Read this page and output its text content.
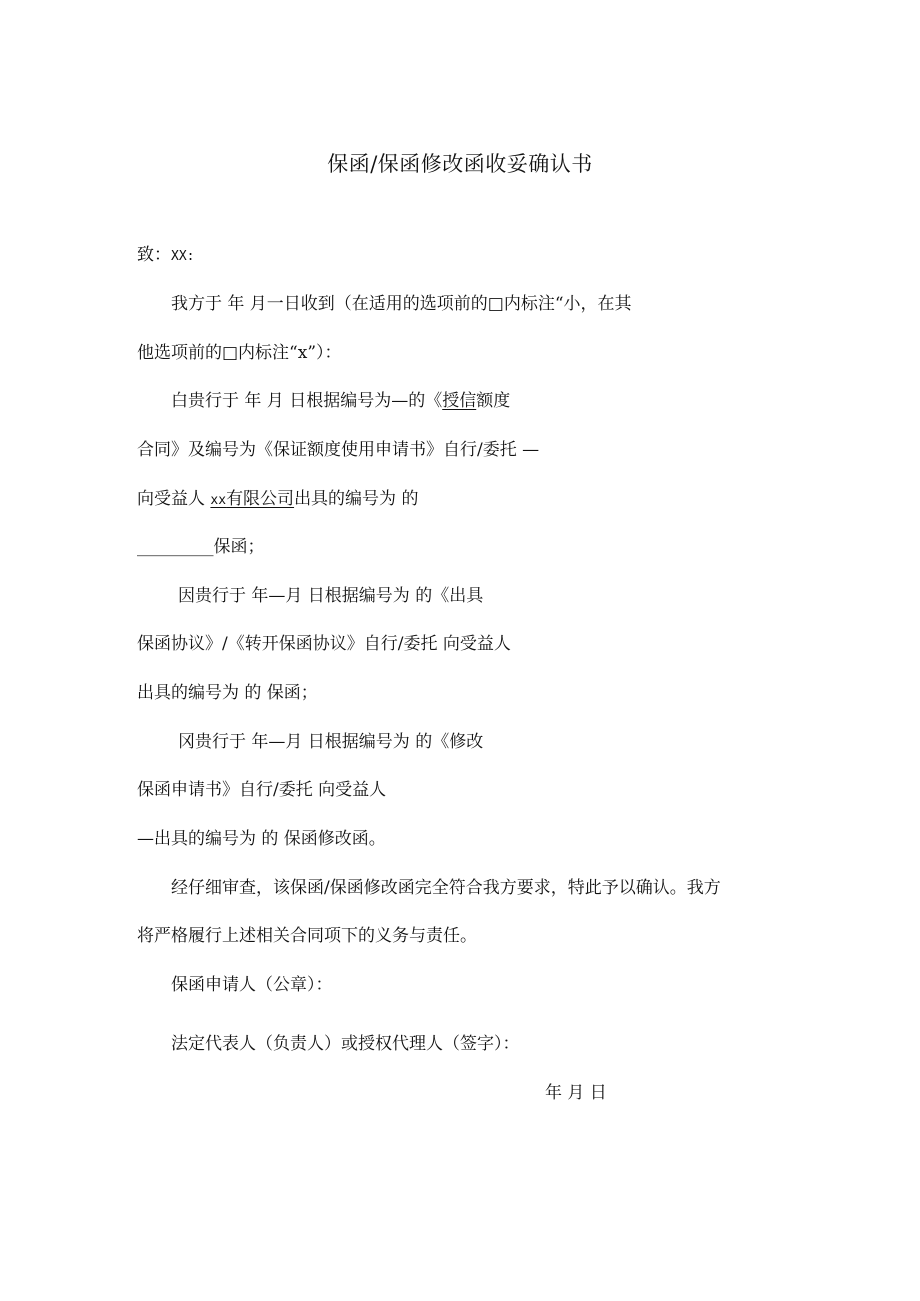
保函/保函修改函收妥确认书
致：XX:
我方于 年 月一日收到（在适用的选项前的□内标注“小，在其
他选项前的□内标注“x”）：
白贵行于 年 月 日根据编号为—的《授信额度
合同》及编号为《保证额度使用申请书》自行/委托 —
向受益人 xx有限公司出具的编号为 的
_________保函；
因贵行于 年—月 日根据编号为 的《出具
保函协议》/《转开保函协议》自行/委托 向受益人
出具的编号为 的 保函；
冈贵行于 年—月 日根据编号为 的《修改
保函申请书》自行/委托 向受益人
—出具的编号为 的 保函修改函。
经仔细审查，该保函/保函修改函完全符合我方要求，特此予以确认。我方
将严格履行上述相关合同项下的义务与责任。
保函申请人（公章）：
法定代表人（负责人）或授权代理人（签字）：
年 月 日
